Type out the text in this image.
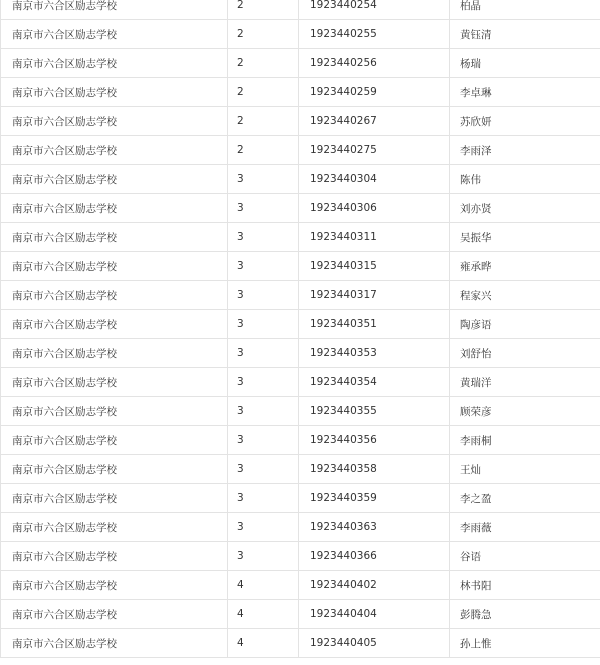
南京市六合区励志学校	2	1923440254	柏晶
南京市六合区励志学校	2	1923440255	黄钰清
南京市六合区励志学校	2	1923440256	杨瑞
南京市六合区励志学校	2	1923440259	李卓琳
南京市六合区励志学校	2	1923440267	苏欣妍
南京市六合区励志学校	2	1923440275	李雨泽
南京市六合区励志学校	3	1923440304	陈伟
南京市六合区励志学校	3	1923440306	刘亦贤
南京市六合区励志学校	3	1923440311	吴振华
南京市六合区励志学校	3	1923440315	雍承晔
南京市六合区励志学校	3	1923440317	程家兴
南京市六合区励志学校	3	1923440351	陶彦语
南京市六合区励志学校	3	1923440353	刘舒怡
南京市六合区励志学校	3	1923440354	黄瑞洋
南京市六合区励志学校	3	1923440355	顾荣彦
南京市六合区励志学校	3	1923440356	李雨桐
南京市六合区励志学校	3	1923440358	王灿
南京市六合区励志学校	3	1923440359	李之盈
南京市六合区励志学校	3	1923440363	李雨薇
南京市六合区励志学校	3	1923440366	谷语
南京市六合区励志学校	4	1923440402	林书阳
南京市六合区励志学校	4	1923440404	彭腾急
南京市六合区励志学校	4	1923440405	孙上惟
